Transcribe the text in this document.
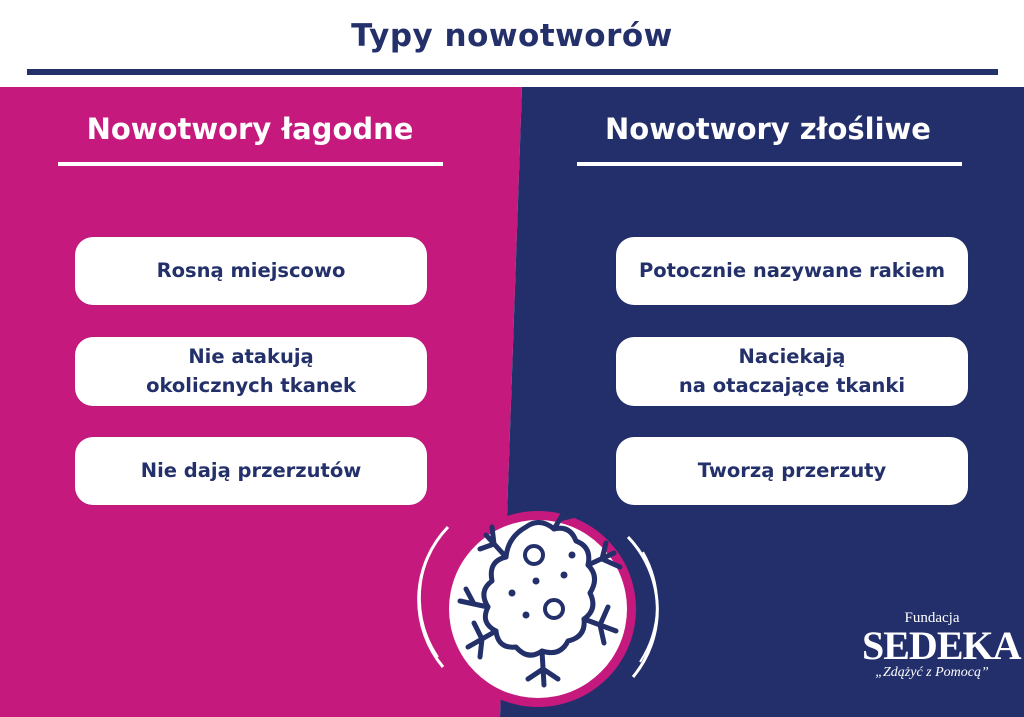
Typy nowotworów
Nowotwory łagodne
Rosną miejscowo
Nie atakują
okolicznych tkanek
Nie dają przerzutów
Nowotwory złośliwe
Potocznie nazywane rakiem
Naciekają
na otaczające tkanki
Tworzą przerzuty
Fundacja
SEDEKA
„Zdążyć z Pomocą”
